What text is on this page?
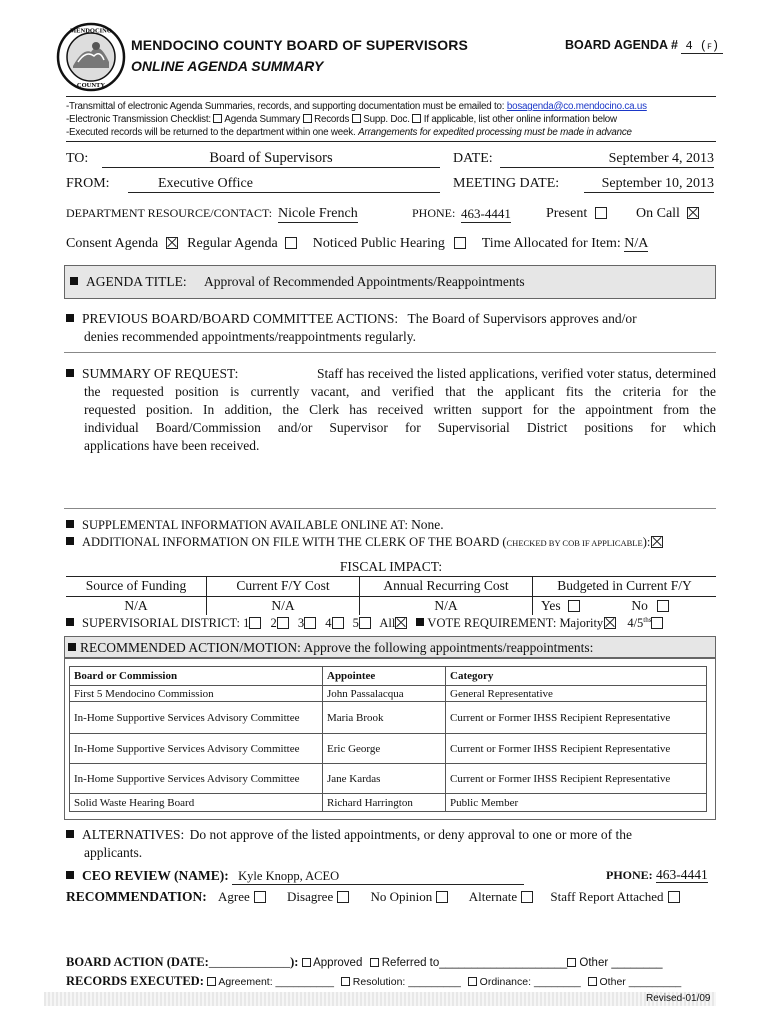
MENDOCINO
COUNTY
MENDOCINO COUNTY BOARD OF SUPERVISORS
ONLINE AGENDA SUMMARY
BOARD AGENDA # 4 (f)
-Transmittal of electronic Agenda Summaries, records, and supporting documentation must be emailed to: bosagenda@co.mendocino.ca.us
-Electronic Transmission Checklist: Agenda Summary Records Supp. Doc. If applicable, list other online information below
-Executed records will be returned to the department within one week. Arrangements for expedited processing must be made in advance
TO:	Board of Supervisors	DATE:	September 4, 2013
FROM:	Executive Office	MEETING DATE:	September 10, 2013
DEPARTMENT RESOURCE/CONTACT: Nicole French	PHONE: 463-4441	Present	On Call
Consent Agenda Regular Agenda	Noticed Public Hearing	Time Allocated for Item: N/A
AGENDA TITLE: Approval of Recommended Appointments/Reappointments
PREVIOUS BOARD/BOARD COMMITTEE ACTIONS: The Board of Supervisors approves and/or
denies recommended appointments/reappointments regularly.
SUMMARY OF REQUEST:	Staff has received the listed applications, verified voter status, determined
the requested position is currently vacant, and verified that the applicant fits the criteria for the
requested position. In addition, the Clerk has received written support for the appointment from the
individual Board/Commission and/or Supervisor for Supervisorial District positions for which
applications have been received.
SUPPLEMENTAL INFORMATION AVAILABLE ONLINE AT: None.
ADDITIONAL INFORMATION ON FILE WITH THE CLERK OF THE BOARD (CHECKED BY COB IF APPLICABLE):
FISCAL IMPACT:
Source of Funding	Current F/Y Cost	Annual Recurring Cost	Budgeted in Current F/Y
N/A	N/A	N/A	Yes No
SUPERVISORIAL DISTRICT: 1 2 3 4 5 All	VOTE REQUIREMENT: Majority $4/5^{ths}$
RECOMMENDED ACTION/MOTION: Approve the following appointments/reappointments:
Board or Commission	Appointee	Category
First 5 Mendocino Commission	John Passalacqua	General Representative
In-Home Supportive Services Advisory Committee	Maria Brook	Current or Former IHSS Recipient Representative
In-Home Supportive Services Advisory Committee	Eric George	Current or Former IHSS Recipient Representative
In-Home Supportive Services Advisory Committee	Jane Kardas	Current or Former IHSS Recipient Representative
Solid Waste Hearing Board	Richard Harrington	Public Member
ALTERNATIVES: Do not approve of the listed appointments, or deny approval to one or more of the
applicants.
CEO REVIEW (NAME): Kyle Knopp, ACEO	PHONE: 463-4441
RECOMMENDATION: Agree	Disagree	No Opinion	Alternate	Staff Report Attached
BOARD ACTION (DATE:_____________): Approved Referred to____________________ Other ________
RECORDS EXECUTED: Agreement: __________ Resolution: _________ Ordinance: ________ Other _________
Revised-01/09
